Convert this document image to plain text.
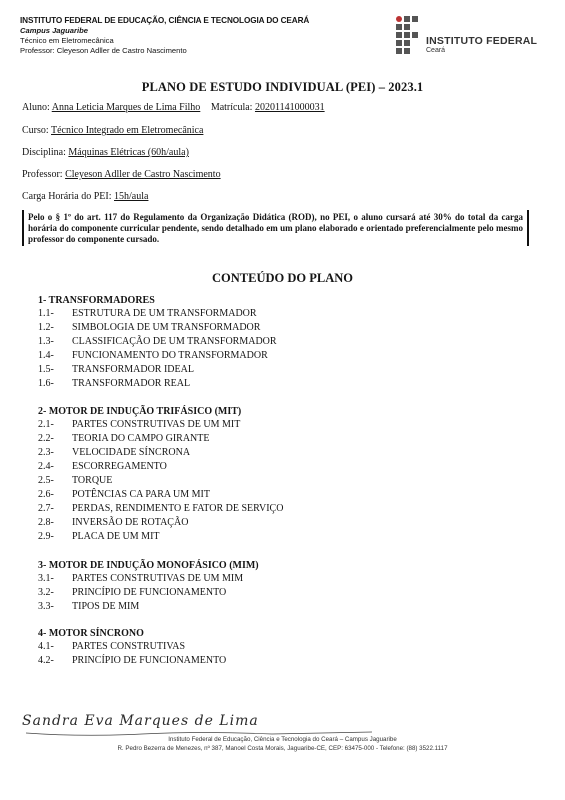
INSTITUTO FEDERAL DE EDUCAÇÃO, CIÊNCIA E TECNOLOGIA DO CEARÁ
Campus Jaguaribe
Técnico em Eletromecânica
Professor: Cleyeson Adller de Castro Nascimento
INSTITUTO FEDERAL
Ceará
PLANO DE ESTUDO INDIVIDUAL (PEI) – 2023.1
Aluno: Anna Leticia Marques de Lima Filho Matrícula: 20201141000031
Curso: Técnico Integrado em Eletromecânica
Disciplina: Máquinas Elétricas (60h/aula)
Professor: Cleyeson Adller de Castro Nascimento
Carga Horária do PEI: 15h/aula
Pelo o § 1º do art. 117 do Regulamento da Organização Didática (ROD), no PEI, o aluno cursará até 30% do total da carga horária do componente curricular pendente, sendo detalhado em um plano elaborado e orientado preferencialmente pelo mesmo professor do componente cursado.
CONTEÚDO DO PLANO
1- TRANSFORMADORES
1.1- ESTRUTURA DE UM TRANSFORMADOR
1.2- SIMBOLOGIA DE UM TRANSFORMADOR
1.3- CLASSIFICAÇÃO DE UM TRANSFORMADOR
1.4- FUNCIONAMENTO DO TRANSFORMADOR
1.5- TRANSFORMADOR IDEAL
1.6- TRANSFORMADOR REAL
2- MOTOR DE INDUÇÃO TRIFÁSICO (MIT)
2.1- PARTES CONSTRUTIVAS DE UM MIT
2.2- TEORIA DO CAMPO GIRANTE
2.3- VELOCIDADE SÍNCRONA
2.4- ESCORREGAMENTO
2.5- TORQUE
2.6- POTÊNCIAS CA PARA UM MIT
2.7- PERDAS, RENDIMENTO E FATOR DE SERVIÇO
2.8- INVERSÃO DE ROTAÇÃO
2.9- PLACA DE UM MIT
3- MOTOR DE INDUÇÃO MONOFÁSICO (MIM)
3.1- PARTES CONSTRUTIVAS DE UM MIM
3.2- PRINCÍPIO DE FUNCIONAMENTO
3.3- TIPOS DE MIM
4- MOTOR SÍNCRONO
4.1- PARTES CONSTRUTIVAS
4.2- PRINCÍPIO DE FUNCIONAMENTO
Sandra Eva Marques de Lima
Instituto Federal de Educação, Ciência e Tecnologia do Ceará – Campus Jaguaribe
R. Pedro Bezerra de Menezes, nº 387, Manoel Costa Morais, Jaguaribe-CE, CEP: 63475-000 - Telefone: (88) 3522.1117
